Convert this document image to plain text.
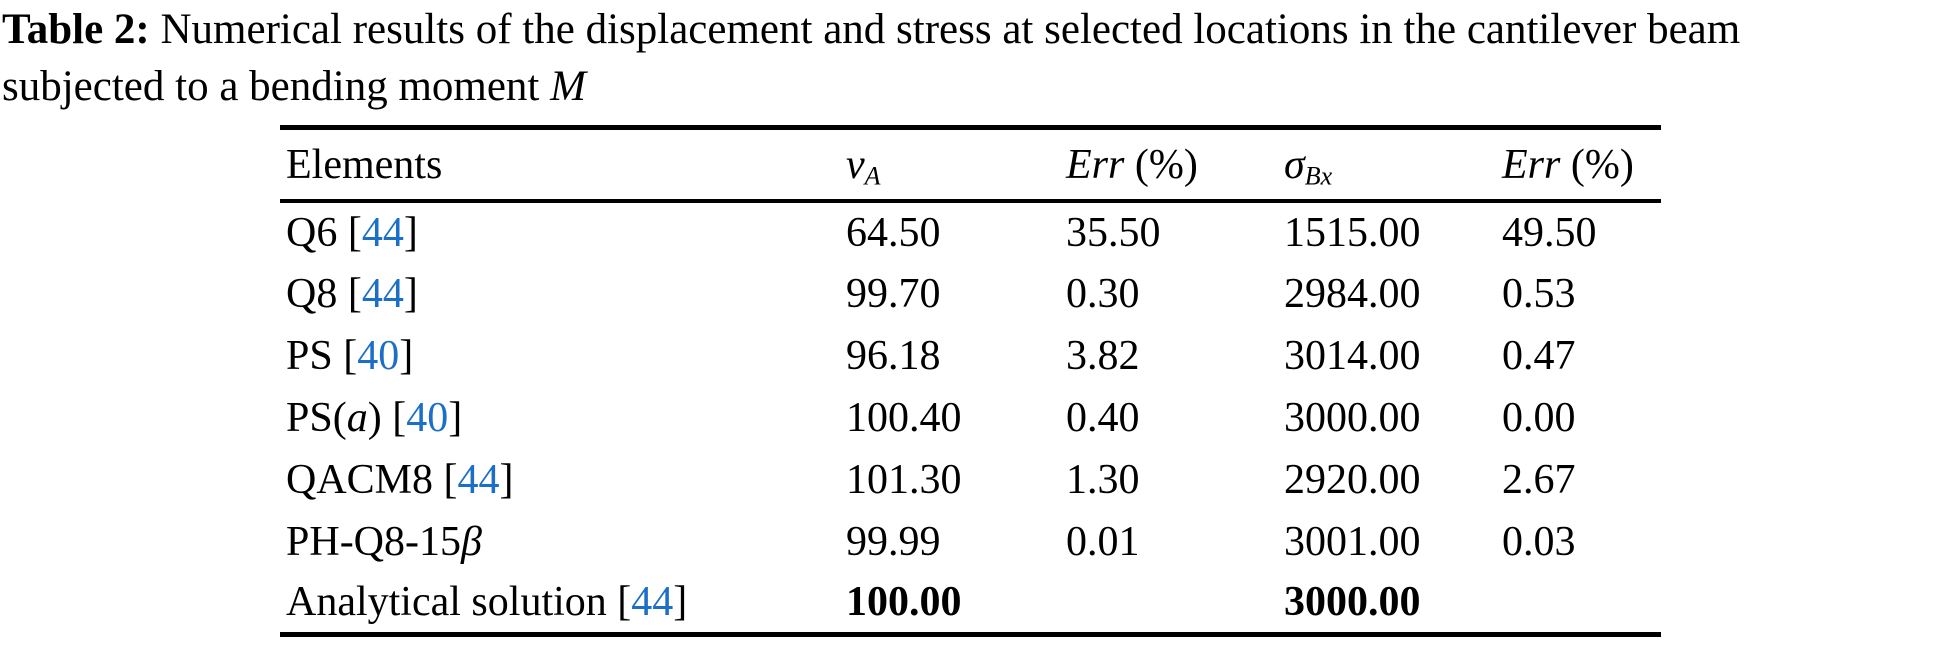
Table 2: Numerical results of the displacement and stress at selected locations in the cantilever beam
subjected to a bending moment M
Elements	$v_A$	Err (%)	$\sigma_{Bx}$	Err (%)
Q6 [44]	64.50	35.50	1515.00	49.50
Q8 [44]	99.70	0.30	2984.00	0.53
PS [40]	96.18	3.82	3014.00	0.47
PS(a) [40]	100.40	0.40	3000.00	0.00
QACM8 [44]	101.30	1.30	2920.00	2.67
PH-Q8-15β	99.99	0.01	3001.00	0.03
Analytical solution [44]	100.00		3000.00	
